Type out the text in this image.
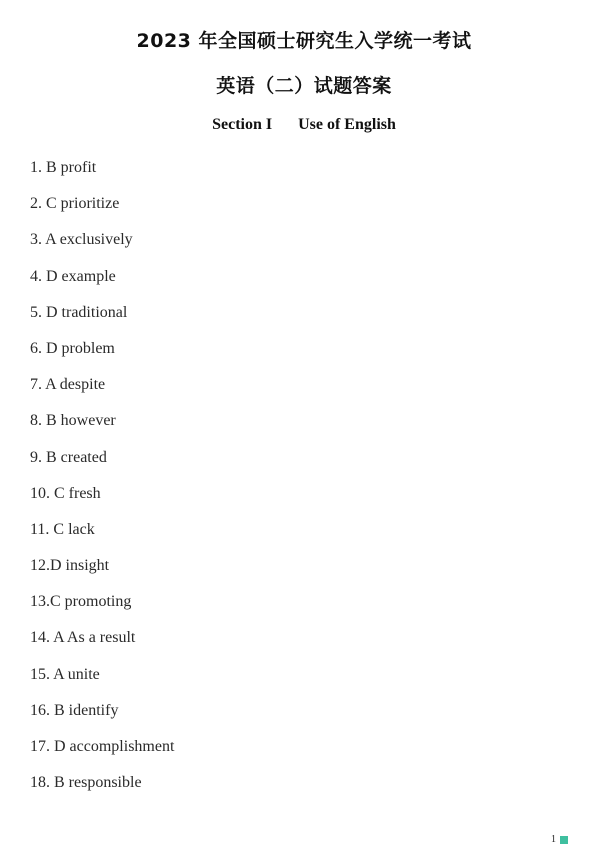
2023 年全国硕士研究生入学统一考试
英语（二）试题答案
Section I Use of English
1. B profit
2. C prioritize
3. A exclusively
4. D example
5. D traditional
6. D problem
7. A despite
8. B however
9. B created
10. C fresh
11. C lack
12.D insight
13.C promoting
14. A As a result
15. A unite
16. B identify
17. D accomplishment
18. B responsible
1
